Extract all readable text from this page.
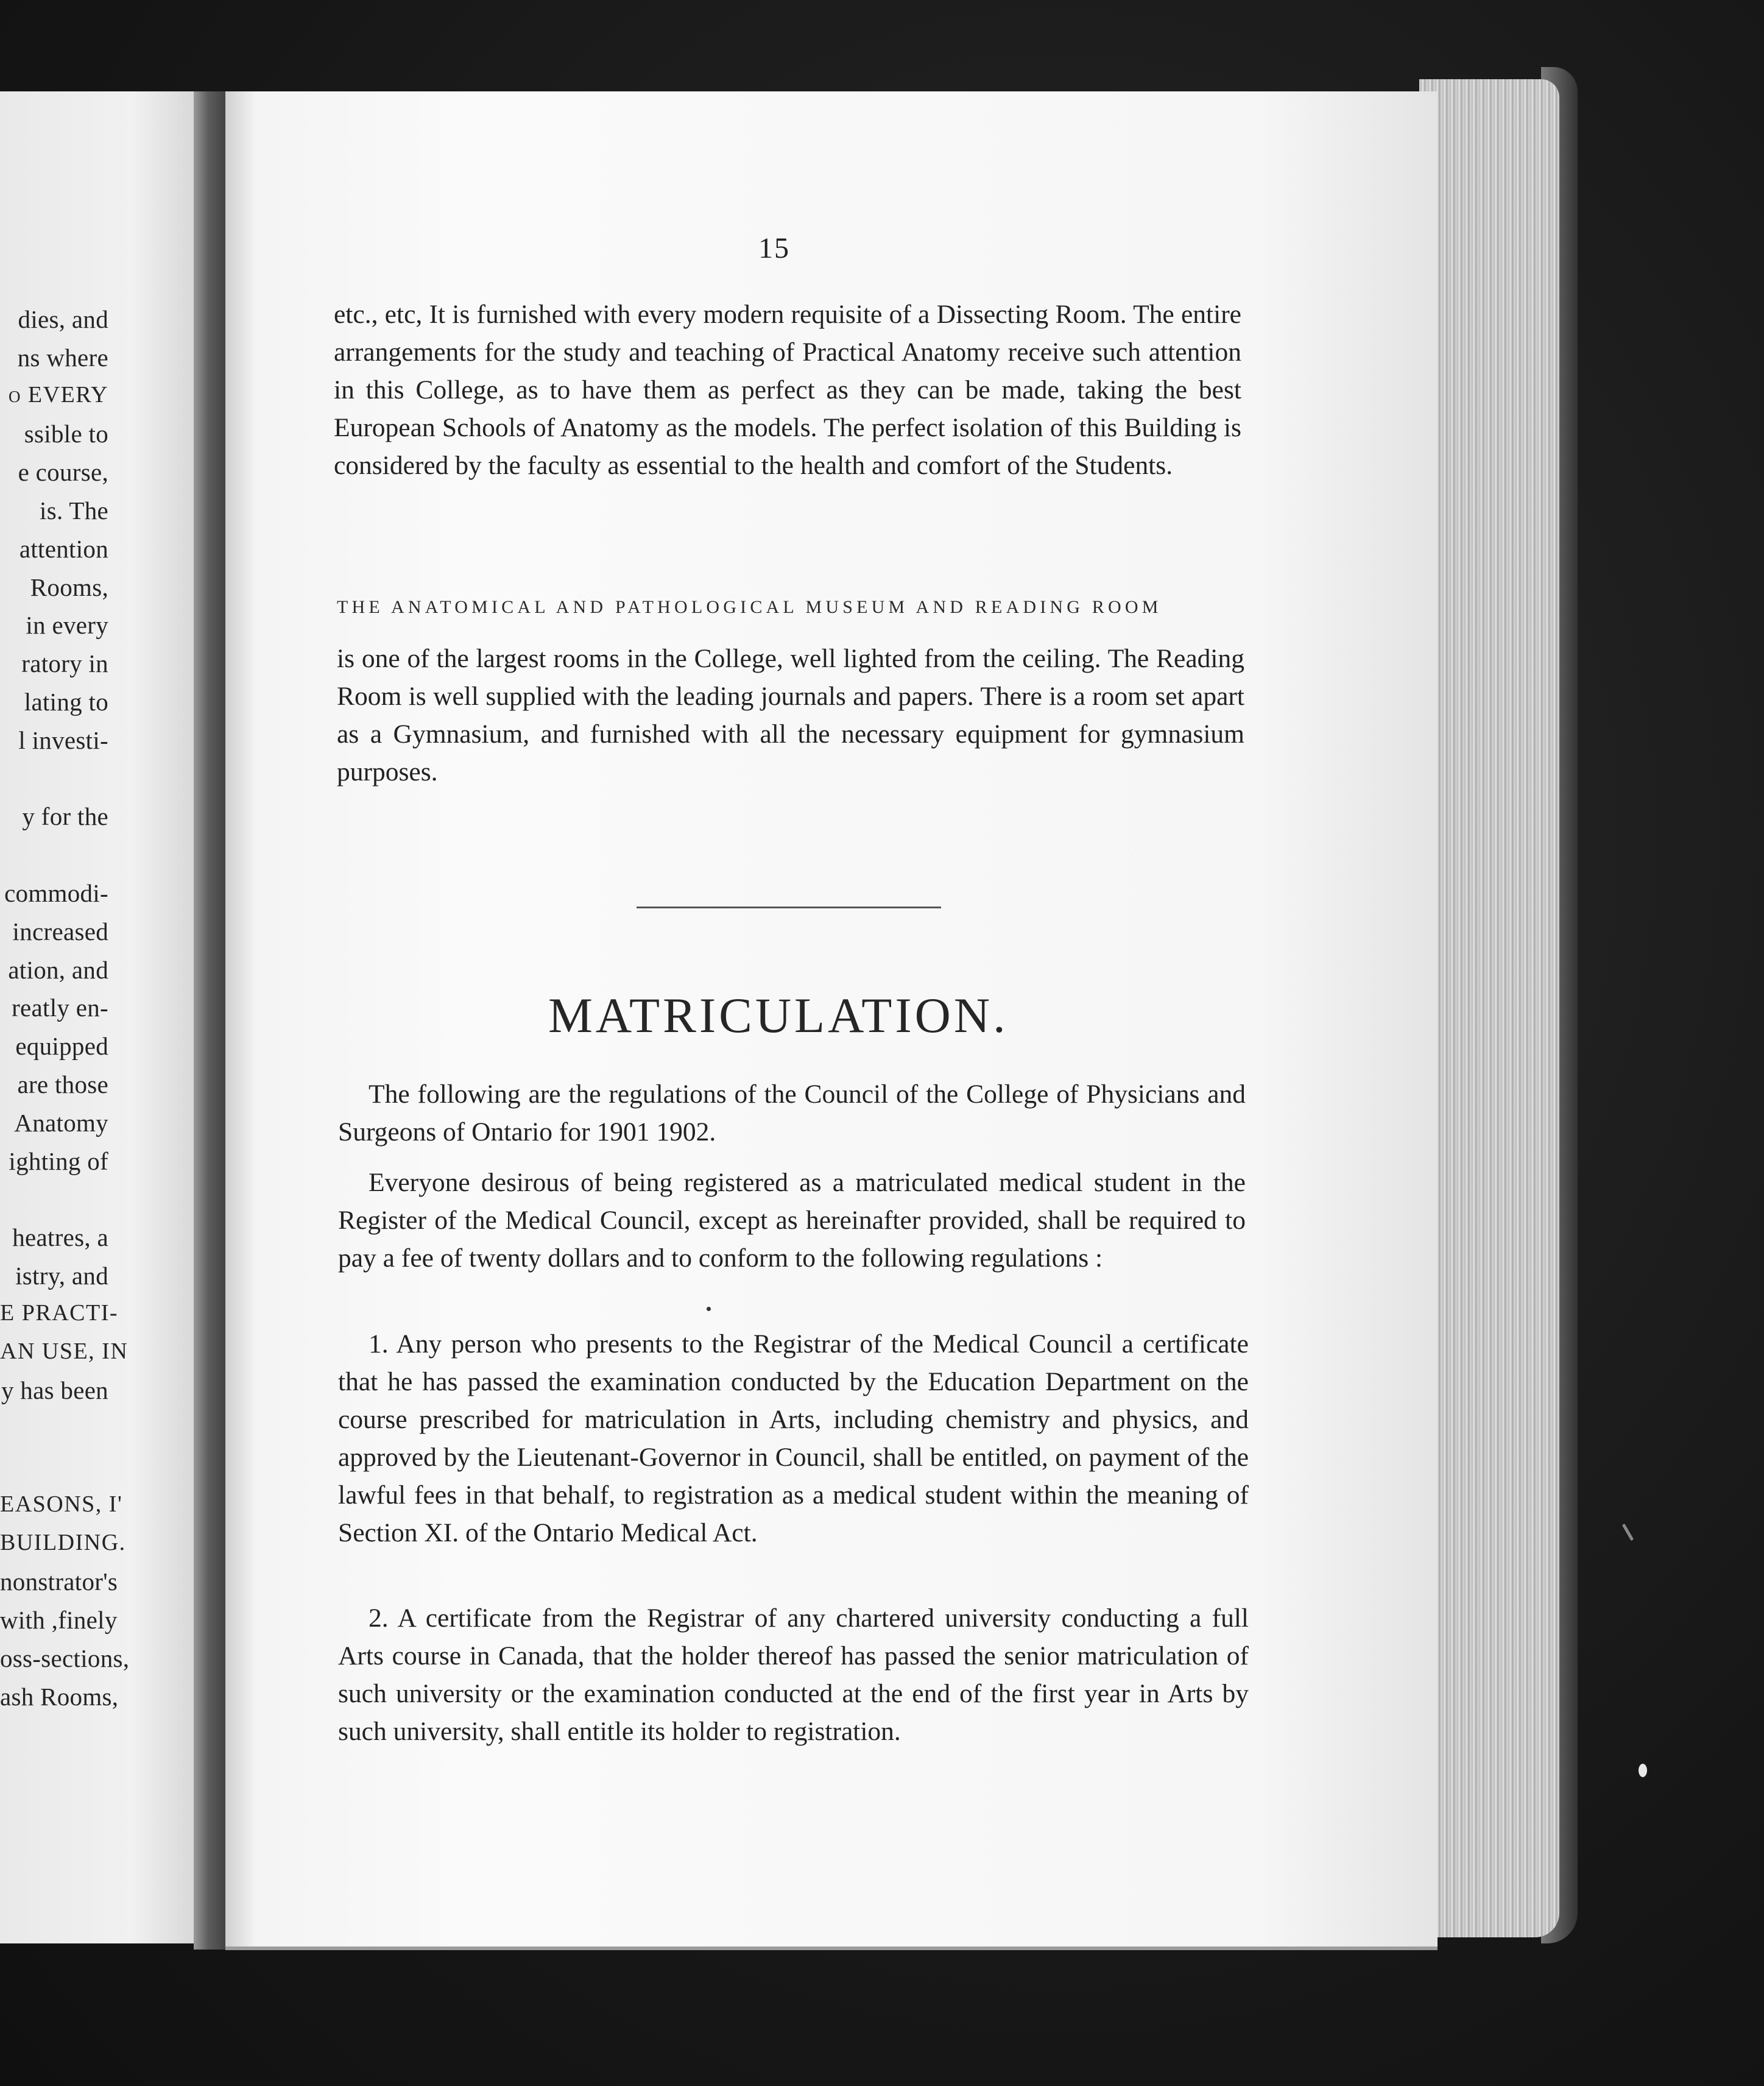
dies, and
ns where
o EVERY
ssible to
e course,
is. The
attention
Rooms,
in every
ratory in
lating to
l investi-
y for the
commodi-
increased
ation, and
reatly en-
equipped
are those
Anatomy
ighting of
heatres, a
istry, and
E PRACTI-
AN USE, IN
y has been
EASONS, I'
BUILDING.
nonstrator's
with ,finely
oss-sections,
ash Rooms,
15
etc., etc, It is furnished with every modern requisite of a Dissecting Room. The entire arrangements for the study and teaching of Practical Anatomy receive such attention in this College, as to have them as perfect as they can be made, taking the best European Schools of Anatomy as the models. The perfect isolation of this Building is considered by the faculty as essential to the health and comfort of the Students.
THE ANATOMICAL AND PATHOLOGICAL MUSEUM AND READING ROOM
is one of the largest rooms in the College, well lighted from the ceiling. The Reading Room is well supplied with the leading journals and papers. There is a room set apart as a Gymnasium, and furnished with all the necessary equipment for gymnasium purposes.
MATRICULATION.
The following are the regulations of the Council of the College of Physicians and Surgeons of Ontario for 1901 1902.
Everyone desirous of being registered as a matriculated medical student in the Register of the Medical Council, except as hereinafter provided, shall be required to pay a fee of twenty dollars and to conform to the following regulations :
1. Any person who presents to the Registrar of the Medical Council a certificate that he has passed the examination conducted by the Education Department on the course prescribed for matriculation in Arts, including chemistry and physics, and approved by the Lieutenant-Governor in Council, shall be entitled, on payment of the lawful fees in that behalf, to registration as a medical student within the meaning of Section XI. of the Ontario Medical Act.
2. A certificate from the Registrar of any chartered university conducting a full Arts course in Canada, that the holder thereof has passed the senior matriculation of such university or the examination conducted at the end of the first year in Arts by such university, shall entitle its holder to registration.
